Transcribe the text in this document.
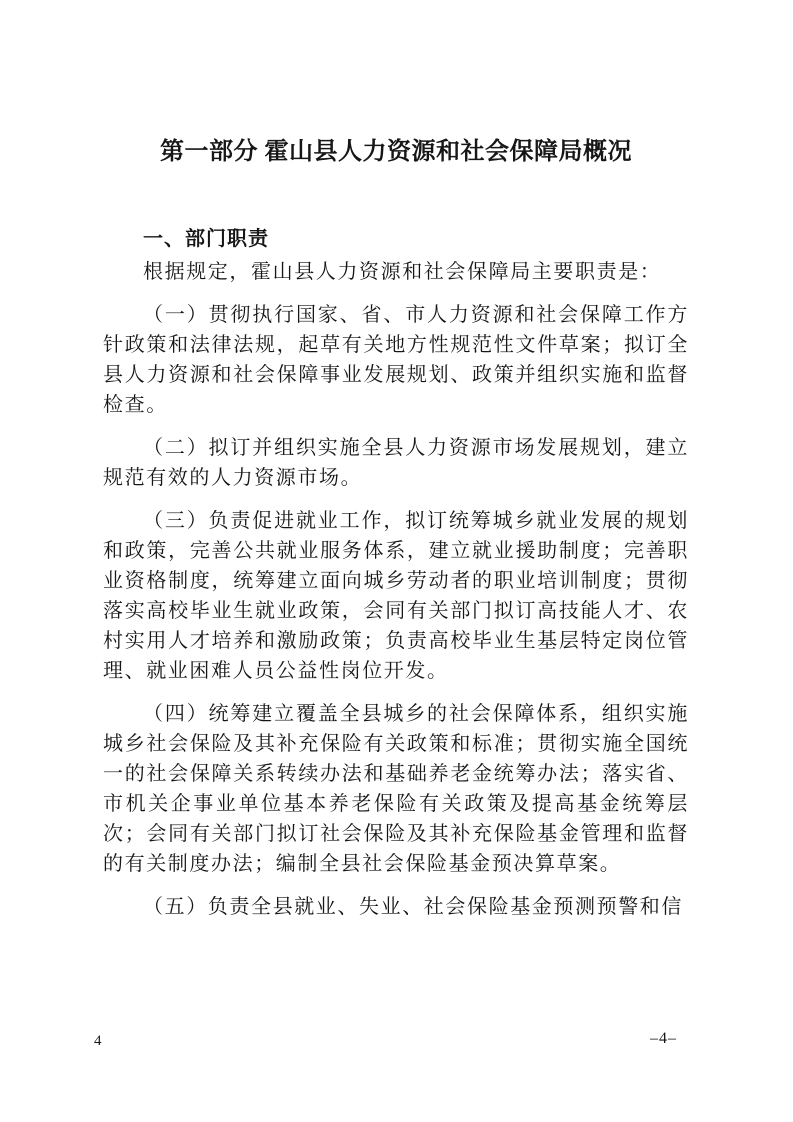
第一部分 霍山县人力资源和社会保障局概况
一、部门职责

根据规定，霍山县人力资源和社会保障局主要职责是：

（一）贯彻执行国家、省、市人力资源和社会保障工作方针政策和法律法规，起草有关地方性规范性文件草案；拟订全县人力资源和社会保障事业发展规划、政策并组织实施和监督检查。

（二）拟订并组织实施全县人力资源市场发展规划，建立规范有效的人力资源市场。

（三）负责促进就业工作，拟订统筹城乡就业发展的规划和政策，完善公共就业服务体系，建立就业援助制度；完善职业资格制度，统筹建立面向城乡劳动者的职业培训制度；贯彻落实高校毕业生就业政策，会同有关部门拟订高技能人才、农村实用人才培养和激励政策；负责高校毕业生基层特定岗位管理、就业困难人员公益性岗位开发。

（四）统筹建立覆盖全县城乡的社会保障体系，组织实施城乡社会保险及其补充保险有关政策和标准；贯彻实施全国统一的社会保障关系转续办法和基础养老金统筹办法；落实省、市机关企事业单位基本养老保险有关政策及提高基金统筹层次；会同有关部门拟订社会保险及其补充保险基金管理和监督的有关制度办法；编制全县社会保险基金预决算草案。

（五）负责全县就业、失业、社会保险基金预测预警和信

4	–4–
